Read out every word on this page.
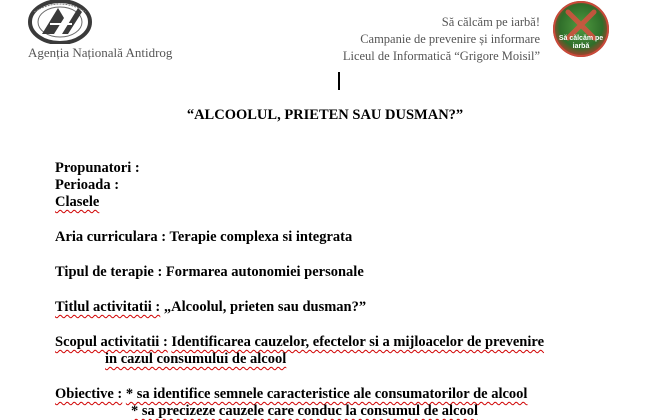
Agenția Națională Antidrog
Să călcăm pe iarbă!
Campanie de prevenire și informare
Liceul de Informatică “Grigore Moisil”
Să călcăm pe
iarbă
“ALCOOLUL, PRIETEN SAU DUSMAN?”
Propunatori :
Perioada :
Clasele
Aria curriculara : Terapie complexa si integrata
Tipul de terapie : Formarea autonomiei personale
Titlul activitatii : „Alcoolul, prieten sau dusman?”
Scopul activitatii : Identificarea cauzelor, efectelor si a mijloacelor de prevenire
in cazul consumului de alcool
Obiective : * sa identifice semnele caracteristice ale consumatorilor de alcool
* sa precizeze cauzele care conduc la consumul de alcool
